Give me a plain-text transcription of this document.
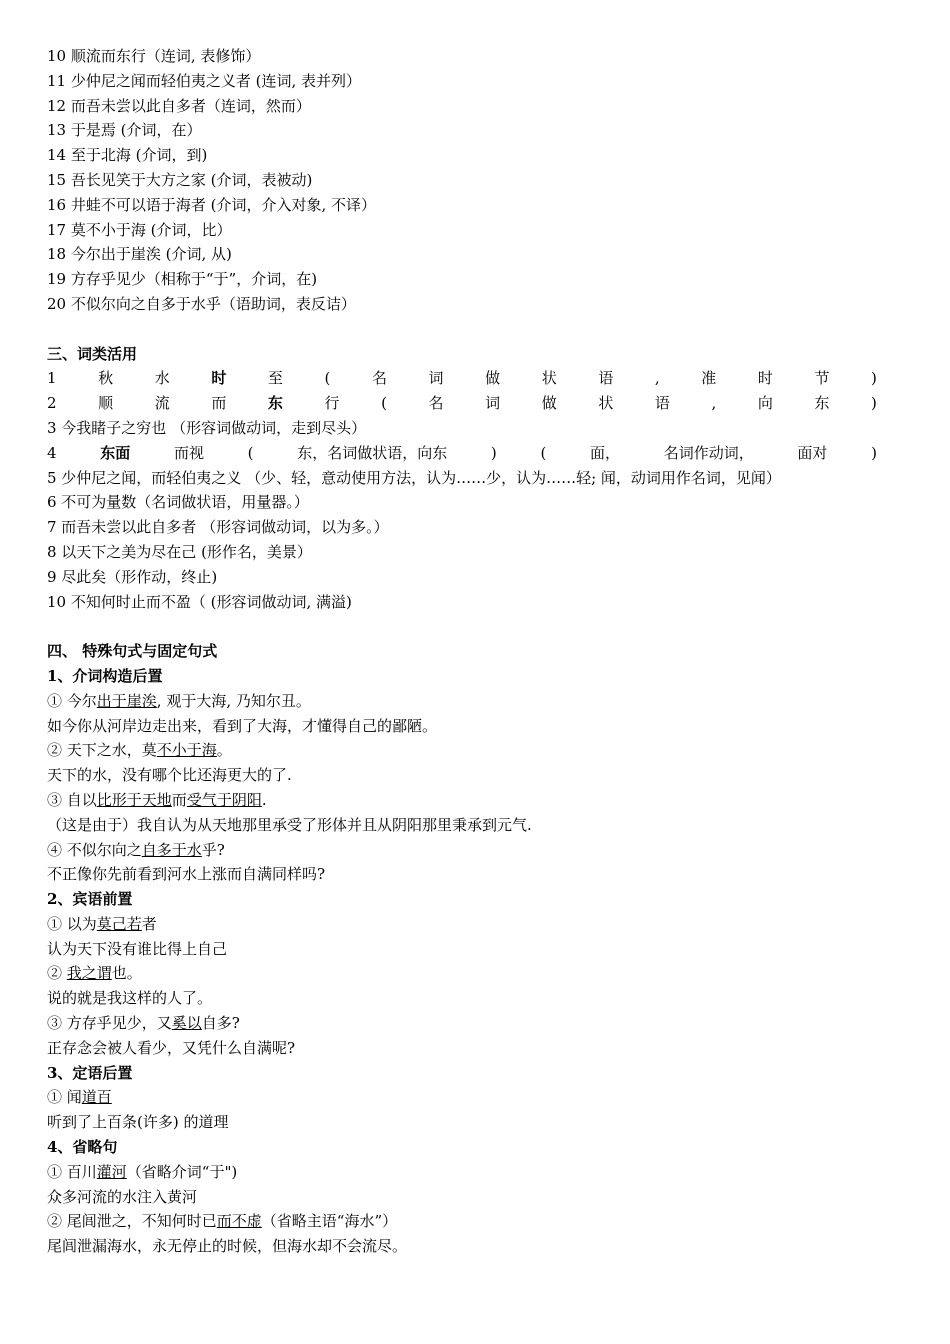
10 顺流而东行（连词, 表修饰）
11 少仲尼之闻而轻伯夷之义者 (连词, 表并列）
12 而吾未尝以此自多者（连词，然而）
13 于是焉 (介词，在）
14 至于北海 (介词，到)
15 吾长见笑于大方之家 (介词，表被动)
16 井蛙不可以语于海者 (介词，介入对象, 不译）
17 莫不小于海 (介词，比）
18 今尔出于崖涘 (介词, 从)
19 方存乎见少（相称于“于”，介词，在)
20 不似尔向之自多于水乎（语助词，表反诘）
三、词类活用
1	秋	水	时	至	(	名	词	做	状	语	,	准	时	节	)
2	顺	流	而	东	行	(	名	词	做	状	语	,	向	东	)
3 今我睹子之穷也 （形容词做动词，走到尽头）
4	东面	而视	(	东，名词做状语，向东	)	(	面，	名词作动词，	面对	)
5 少仲尼之闻，而轻伯夷之义 （少、轻，意动使用方法，认为……少，认为……轻; 闻，动词用作名词，见闻）
6 不可为量数（名词做状语，用量器。）
7 而吾未尝以此自多者 （形容词做动词，以为多。）
8 以天下之美为尽在己 (形作名，美景）
9 尽此矣（形作动，终止)
10 不知何时止而不盈（ (形容词做动词, 满溢)
四、 特殊句式与固定句式
1、介词构造后置
① 今尔出于崖涘, 观于大海, 乃知尔丑。
如今你从河岸边走出来，看到了大海，才懂得自己的鄙陋。
② 天下之水，莫不小于海。
天下的水，没有哪个比还海更大的了.
③ 自以比形于天地而受气于阴阳.
（这是由于）我自认为从天地那里承受了形体并且从阴阳那里秉承到元气.
④ 不似尔向之自多于水乎?
不正像你先前看到河水上涨而自满同样吗?
2、宾语前置
① 以为莫己若者
认为天下没有谁比得上自己
② 我之谓也。
说的就是我这样的人了。
③ 方存乎见少，又奚以自多?
正存念会被人看少，又凭什么自满呢?
3、定语后置
① 闻道百
听到了上百条(许多) 的道理
4、省略句
① 百川灌河（省略介词“于")
众多河流的水注入黄河
② 尾闾泄之，不知何时已而不虚（省略主语“海水”）
尾闾泄漏海水，永无停止的时候，但海水却不会流尽。
